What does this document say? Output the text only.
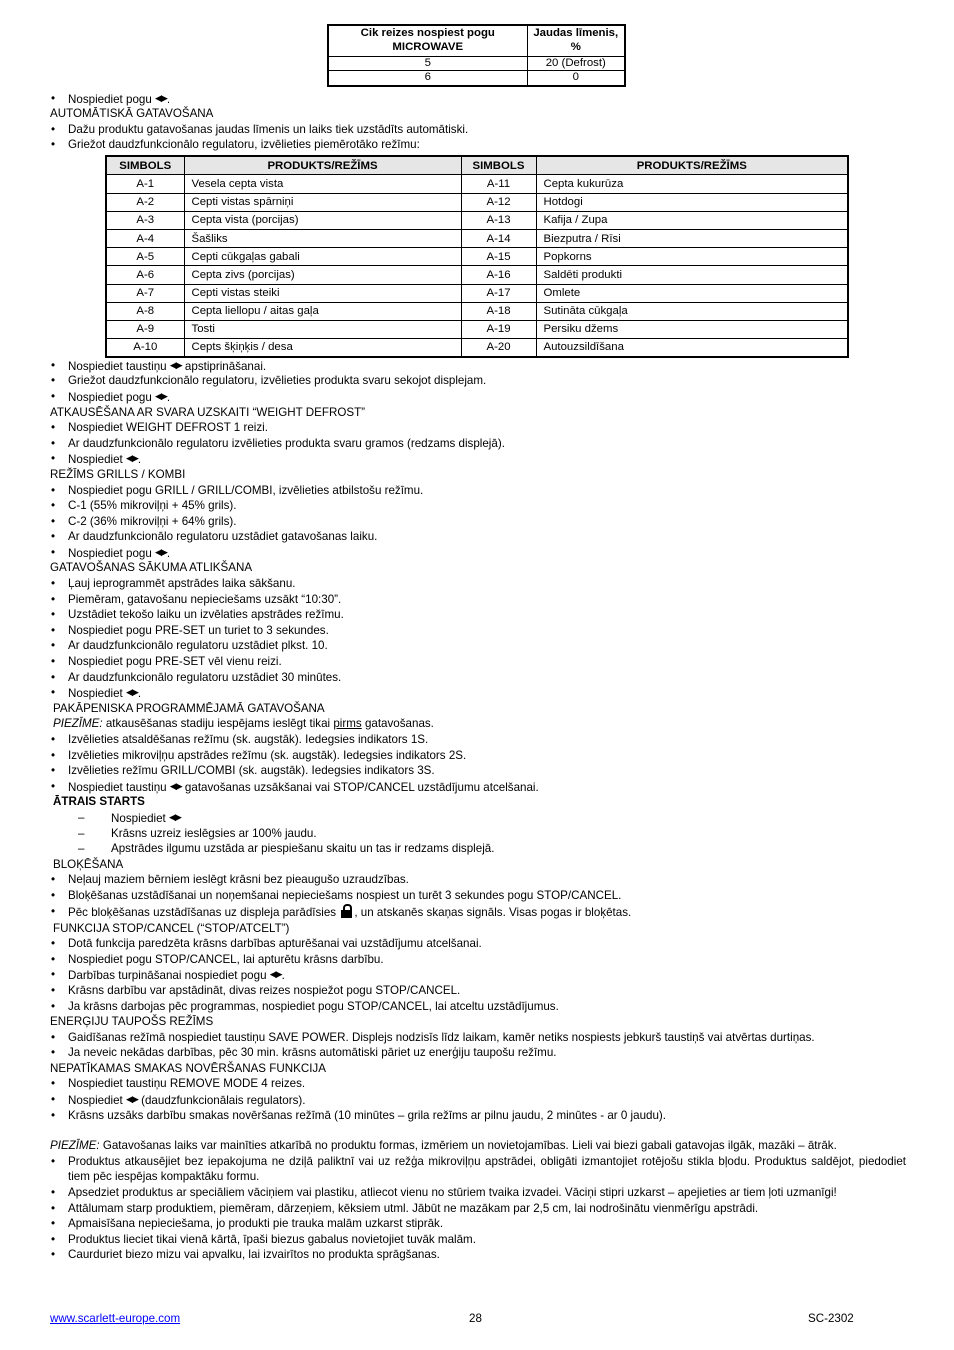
Cik reizes nospiest pogu MICROWAVE	Jaudas līmenis, %
5	20 (Defrost)
6	0
• Nospiediet pogu ◀▶.
AUTOMĀTISKĀ GATAVOŠANA
• Dažu produktu gatavošanas jaudas līmenis un laiks tiek uzstādīts automātiski.
• Griežot daudzfunkcionālo regulatoru, izvēlieties piemērotāko režīmu:
SIMBOLS	PRODUKTS/REŽĪMS	SIMBOLS	PRODUKTS/REŽĪMS
A-1	Vesela cepta vista	A-11	Cepta kukurūza
A-2	Cepti vistas spārniņi	A-12	Hotdogi
A-3	Cepta vista (porcijas)	A-13	Kafija / Zupa
A-4	Šašliks	A-14	Biezputra / Rīsi
A-5	Cepti cūkgaļas gabali	A-15	Popkorns
A-6	Cepta zivs (porcijas)	A-16	Saldēti produkti
A-7	Cepti vistas steiki	A-17	Omlete
A-8	Cepta liellopu / aitas gaļa	A-18	Sutināta cūkgaļa
A-9	Tosti	A-19	Persiku džems
A-10	Cepts šķiņķis / desa	A-20	Autouzsildīšana
• Nospiediet taustiņu ◀▶ apstiprināšanai.
• Griežot daudzfunkcionālo regulatoru, izvēlieties produkta svaru sekojot displejam.
• Nospiediet pogu ◀▶.
ATKAUSĒŠANA AR SVARA UZSKAITI “WEIGHT DEFROST”
• Nospiediet WEIGHT DEFROST 1 reizi.
• Ar daudzfunkcionālo regulatoru izvēlieties produkta svaru gramos (redzams displejā).
• Nospiediet ◀▶.
REŽĪMS GRILLS / KOMBI
• Nospiediet pogu GRILL / GRILL/COMBI, izvēlieties atbilstošu režīmu.
• C-1 (55% mikroviļņi + 45% grils).
• C-2 (36% mikroviļņi + 64% grils).
• Ar daudzfunkcionālo regulatoru uzstādiet gatavošanas laiku.
• Nospiediet pogu ◀▶.
GATAVOŠANAS SĀKUMA ATLIKŠANA
• Ļauj ieprogrammēt apstrādes laika sākšanu.
• Piemēram, gatavošanu nepieciešams uzsākt “10:30”.
• Uzstādiet tekošo laiku un izvēlaties apstrādes režīmu.
• Nospiediet pogu PRE-SET un turiet to 3 sekundes.
• Ar daudzfunkcionālo regulatoru uzstādiet plkst. 10.
• Nospiediet pogu PRE-SET vēl vienu reizi.
• Ar daudzfunkcionālo regulatoru uzstādiet 30 minūtes.
• Nospiediet ◀▶.
PAKĀPENISKA PROGRAMMĒJAMĀ GATAVOŠANA
PIEZĪME: atkausēšanas stadiju iespējams ieslēgt tikai pirms gatavošanas.
• Izvēlieties atsaldēšanas režīmu (sk. augstāk). Iedegsies indikators 1S.
• Izvēlieties mikroviļņu apstrādes režīmu (sk. augstāk). Iedegsies indikators 2S.
• Izvēlieties režīmu GRILL/COMBI (sk. augstāk). Iedegsies indikators 3S.
• Nospiediet taustiņu ◀▶ gatavošanas uzsākšanai vai STOP/CANCEL uzstādījumu atcelšanai.
ĀTRAIS STARTS
– Nospiediet ◀▶
– Krāsns uzreiz ieslēgsies ar 100% jaudu.
– Apstrādes ilgumu uzstāda ar piespiešanu skaitu un tas ir redzams displejā.
BLOĶĒŠANA
• Neļauj maziem bērniem ieslēgt krāsni bez pieaugušo uzraudzības.
• Bloķēšanas uzstādīšanai un noņemšanai nepieciešams nospiest un turēt 3 sekundes pogu STOP/CANCEL.
• Pēc bloķēšanas uzstādīšanas uz displeja parādīsies , un atskanēs skaņas signāls. Visas pogas ir bloķētas.
FUNKCIJA STOP/CANCEL (“STOP/ATCELT”)
• Dotā funkcija paredzēta krāsns darbības apturēšanai vai uzstādījumu atcelšanai.
• Nospiediet pogu STOP/CANCEL, lai apturētu krāsns darbību.
• Darbības turpināšanai nospiediet pogu ◀▶.
• Krāsns darbību var apstādināt, divas reizes nospiežot pogu STOP/CANCEL.
• Ja krāsns darbojas pēc programmas, nospiediet pogu STOP/CANCEL, lai atceltu uzstādījumus.
ENERĢIJU TAUPOŠS REŽĪMS
• Gaidīšanas režīmā nospiediet taustiņu SAVE POWER. Displejs nodzisīs līdz laikam, kamēr netiks nospiests jebkurš taustiņš vai atvērtas durtiņas.
• Ja neveic nekādas darbības, pēc 30 min. krāsns automātiski pāriet uz enerģiju taupošu režīmu.
NEPATĪKAMAS SMAKAS NOVĒRŠANAS FUNKCIJA
• Nospiediet taustiņu REMOVE MODE 4 reizes.
• Nospiediet ◀▶ (daudzfunkcionālais regulators).
• Krāsns uzsāks darbību smakas novēršanas režīmā (10 minūtes – grila režīms ar pilnu jaudu, 2 minūtes - ar 0 jaudu).
PIEZĪME: Gatavošanas laiks var mainīties atkarībā no produktu formas, izmēriem un novietojamības. Lieli vai biezi gabali gatavojas ilgāk, mazāki – ātrāk.
• Produktus atkausējiet bez iepakojuma ne dziļā paliktnī vai uz režģa mikroviļņu apstrādei, obligāti izmantojiet rotējošu stikla bļodu. Produktus saldējot, piedodiet tiem pēc iespējas kompaktāku formu.
• Apsedziet produktus ar speciāliem vāciņiem vai plastiku, atliecot vienu no stūriem tvaika izvadei. Vāciņi stipri uzkarst – apejieties ar tiem ļoti uzmanīgi!
• Attālumam starp produktiem, piemēram, dārzeņiem, kēksiem utml. Jābūt ne mazākam par 2,5 cm, lai nodrošinātu vienmērīgu apstrādi.
• Apmaisīšana nepieciešama, jo produkti pie trauka malām uzkarst stiprāk.
• Produktus lieciet tikai vienā kārtā, īpaši biezus gabalus novietojiet tuvāk malām.
• Caurduriet biezo mizu vai apvalku, lai izvairītos no produkta sprāgšanas.
www.scarlett-europe.com	28	SC-2302
